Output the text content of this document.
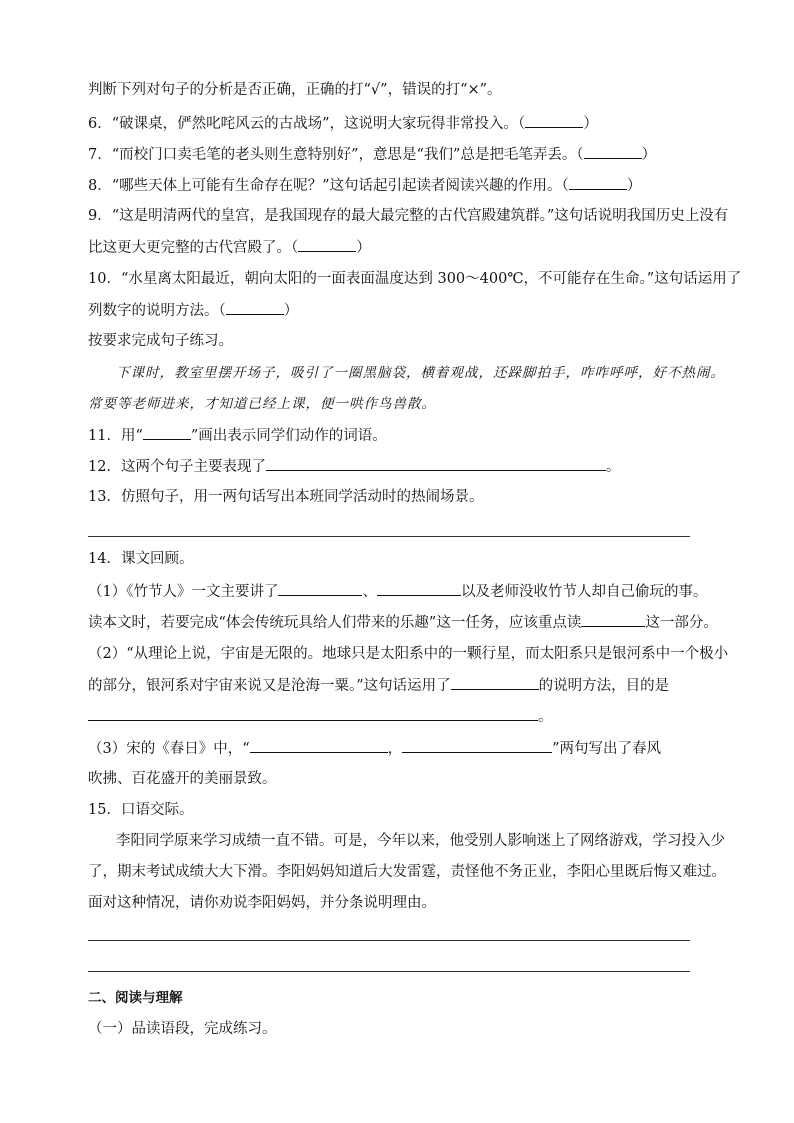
判断下列对句子的分析是否正确，正确的打“√”，错误的打“×”。
6．“破课桌，俨然叱咤风云的古战场”，这说明大家玩得非常投入。（	）
7．“而校门口卖毛笔的老头则生意特别好”，意思是“我们”总是把毛笔弄丢。（	）
8．“哪些天体上可能有生命存在呢？”这句话起引起读者阅读兴趣的作用。（	）
9．“这是明清两代的皇宫，是我国现存的最大最完整的古代宫殿建筑群。”这句话说明我国历史上没有
比这更大更完整的古代宫殿了。（	）
10．“水星离太阳最近，朝向太阳的一面表面温度达到 300～400℃，不可能存在生命。”这句话运用了
列数字的说明方法。（	）
按要求完成句子练习。
下课时，教室里摆开场子，吸引了一圈黑脑袋，横着观战，还跺脚拍手，咋咋呼呼，好不热闹。
常要等老师进来，才知道已经上课，便一哄作鸟兽散。
11．用“	”画出表示同学们动作的词语。
12．这两个句子主要表现了	。
13．仿照句子，用一两句话写出本班同学活动时的热闹场景。
14．课文回顾。
（1）《竹节人》一文主要讲了	、	以及老师没收竹节人却自己偷玩的事。
读本文时，若要完成“体会传统玩具给人们带来的乐趣”这一任务，应该重点读	这一部分。
（2）“从理论上说，宇宙是无限的。地球只是太阳系中的一颗行星，而太阳系只是银河系中一个极小
的部分，银河系对宇宙来说又是沧海一粟。”这句话运用了	的说明方法，目的是
。
（3）宋的《春日》中，“	，	”两句写出了春风
吹拂、百花盛开的美丽景致。
15．口语交际。
李阳同学原来学习成绩一直不错。可是，今年以来，他受别人影响迷上了网络游戏，学习投入少
了，期末考试成绩大大下滑。李阳妈妈知道后大发雷霆，责怪他不务正业，李阳心里既后悔又难过。
面对这种情况，请你劝说李阳妈妈，并分条说明理由。
二、阅读与理解
（一）品读语段，完成练习。
